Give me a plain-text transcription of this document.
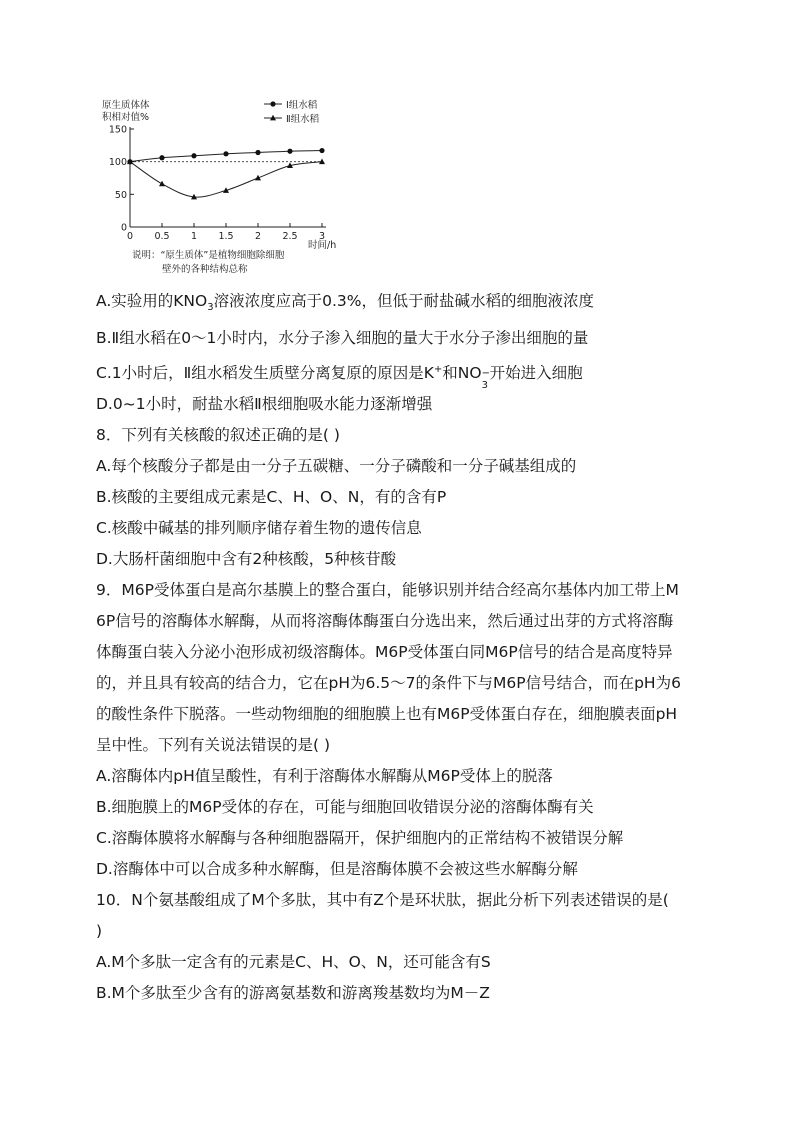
原生质体体
积相对值%
时间/h
说明：“原生质体”是植物细胞除细胞
壁外的各种结构总称
Ⅰ组水稻
Ⅱ组水稻
0
50
100
150
0 0.5 1 1.5 2 2.5 3
A.实验用的$KNO_3$溶液浓度应高于0.3%，但低于耐盐碱水稻的细胞液浓度
B.Ⅱ组水稻在0～1小时内，水分子渗入细胞的量大于水分子渗出细胞的量
C.1小时后，Ⅱ组水稻发生质壁分离复原的原因是K+和NO −
3
开始进入细胞
D.0~1小时，耐盐水稻Ⅱ根细胞吸水能力逐渐增强
8．下列有关核酸的叙述正确的是( )
A.每个核酸分子都是由一分子五碳糖、一分子磷酸和一分子碱基组成的
B.核酸的主要组成元素是C、H、O、N，有的含有P
C.核酸中碱基的排列顺序储存着生物的遗传信息
D.大肠杆菌细胞中含有2种核酸，5种核苷酸
9．M6P受体蛋白是高尔基膜上的整合蛋白，能够识别并结合经高尔基体内加工带上M
6P信号的溶酶体水解酶，从而将溶酶体酶蛋白分选出来，然后通过出芽的方式将溶酶
体酶蛋白装入分泌小泡形成初级溶酶体。M6P受体蛋白同M6P信号的结合是高度特异
的，并且具有较高的结合力，它在pH为6.5～7的条件下与M6P信号结合，而在pH为6
的酸性条件下脱落。一些动物细胞的细胞膜上也有M6P受体蛋白存在，细胞膜表面pH
呈中性。下列有关说法错误的是( )
A.溶酶体内pH值呈酸性，有利于溶酶体水解酶从M6P受体上的脱落
B.细胞膜上的M6P受体的存在，可能与细胞回收错误分泌的溶酶体酶有关
C.溶酶体膜将水解酶与各种细胞器隔开，保护细胞内的正常结构不被错误分解
D.溶酶体中可以合成多种水解酶，但是溶酶体膜不会被这些水解酶分解
10．N个氨基酸组成了M个多肽，其中有Z个是环状肽，据此分析下列表述错误的是(
)
A.M个多肽一定含有的元素是C、H、O、N，还可能含有S
B.M个多肽至少含有的游离氨基数和游离羧基数均为M－Z
